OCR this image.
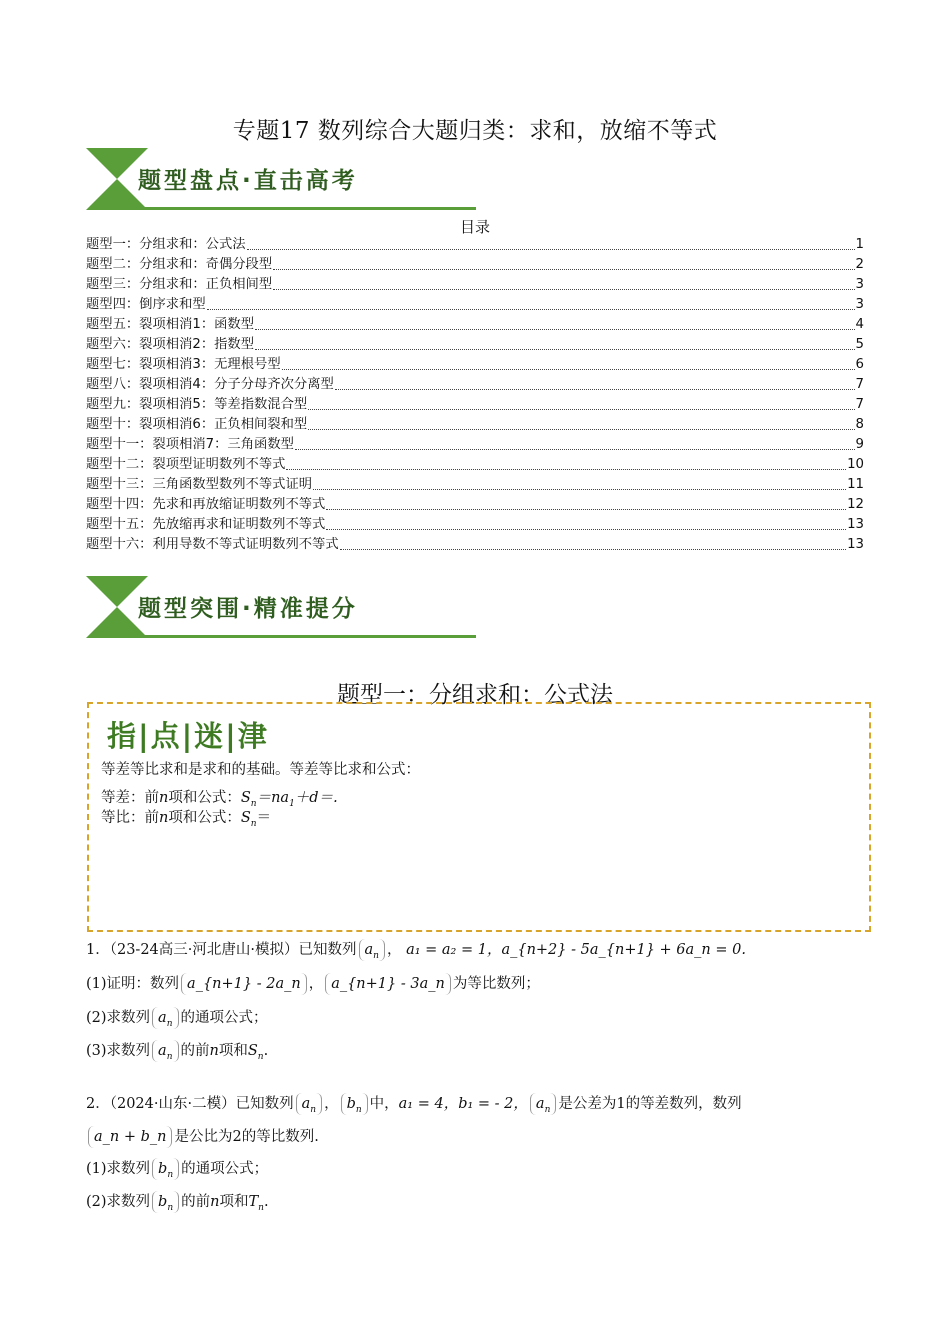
专题17 数列综合大题归类：求和，放缩不等式
题型盘点·直击高考
目录
题型一：分组求和：公式法	1
题型二：分组求和：奇偶分段型	2
题型三：分组求和：正负相间型	3
题型四：倒序求和型	3
题型五：裂项相消1：函数型	4
题型六：裂项相消2：指数型	5
题型七：裂项相消3：无理根号型	6
题型八：裂项相消4：分子分母齐次分离型	7
题型九：裂项相消5：等差指数混合型	7
题型十：裂项相消6：正负相间裂和型	8
题型十一：裂项相消7：三角函数型	9
题型十二：裂项型证明数列不等式	10
题型十三：三角函数型数列不等式证明	11
题型十四：先求和再放缩证明数列不等式	12
题型十五：先放缩再求和证明数列不等式	13
题型十六：利用导数不等式证明数列不等式	13
题型突围·精准提分
题型一：分组求和：公式法
指|点|迷|津
等差等比求和是求和的基础。等差等比求和公式：
等差：前n项和公式：$S_n=na_1+d=$.
等比：前n项和公式：$S_n=$
1．（23-24高三·河北唐山·模拟）已知数列 $a_n$ ， a₁ = a₂ = 1，a_{n+2} - 5a_{n+1} + 6a_n = 0.
(1)证明：数列 a_{n+1} - 2a_n ， a_{n+1} - 3a_n 为等比数列；
(2)求数列 $a_n$ 的通项公式；
(3)求数列 $a_n$ 的前n项和$S_n$.
2．（2024·山东·二模）已知数列 $a_n$ ， $b_n$ 中，a₁ = 4，b₁ = - 2， $a_n$ 是公差为1的等差数列，数列
a_n + b_n 是公比为2的等比数列.
(1)求数列 $b_n$ 的通项公式；
(2)求数列 $b_n$ 的前n项和$T_n$.
